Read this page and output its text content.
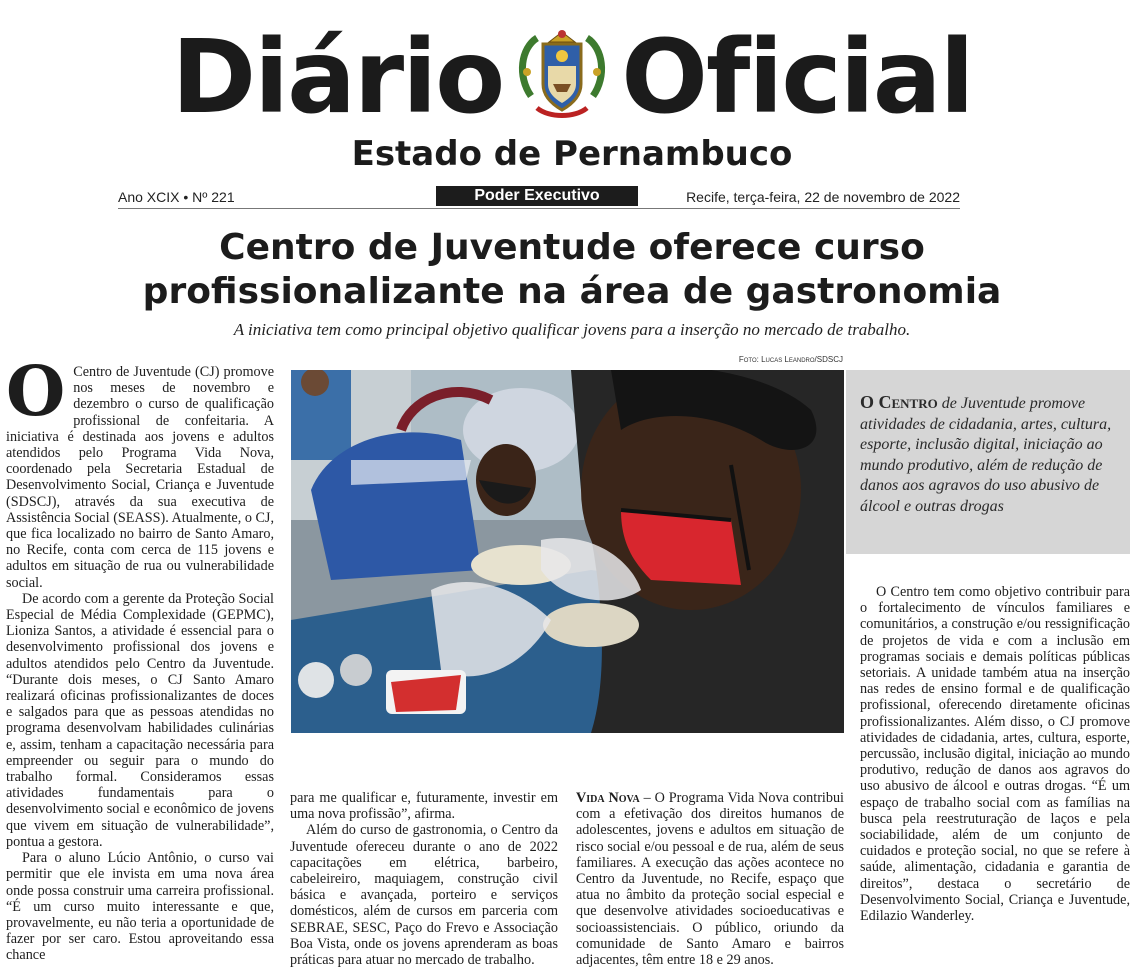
Diário Oficial
Estado de Pernambuco
Ano XCIX • Nº 221	Poder Executivo	Recife, terça-feira, 22 de novembro de 2022
Centro de Juventude oferece curso
profissionalizante na área de gastronomia
A iniciativa tem como principal objetivo qualificar jovens para a inserção no mercado de trabalho.
Foto: Lucas Leandro/SDSCJ

O Centro de Juventude (CJ) promove nos meses de novembro e dezembro o curso de qualificação profissional de confeitaria. A iniciativa é destinada aos jovens e adultos atendidos pelo Programa Vida Nova, coordenado pela Secretaria Estadual de Desenvolvimento Social, Criança e Juventude (SDSCJ), através da sua executiva de Assistência Social (SEASS). Atualmente, o CJ, que fica localizado no bairro de Santo Amaro, no Recife, conta com cerca de 115 jovens e adultos em situação de rua ou vulnerabilidade social.

De acordo com a gerente da Proteção Social Especial de Média Complexidade (GEPMC), Lioniza Santos, a atividade é essencial para o desenvolvimento profissional dos jovens e adultos atendidos pelo Centro da Juventude. “Durante dois meses, o CJ Santo Amaro realizará oficinas profissionalizantes de doces e salgados para que as pessoas atendidas no programa desenvolvam habilidades culinárias e, assim, tenham a capacitação necessária para empreender ou seguir para o mundo do trabalho formal. Consideramos essas atividades fundamentais para o desenvolvimento social e econômico de jovens que vivem em situação de vulnerabilidade”, pontua a gestora.

Para o aluno Lúcio Antônio, o curso vai permitir que ele invista em uma nova área onde possa construir uma carreira profissional. “É um curso muito interessante e que, provavelmente, eu não teria a oportunidade de fazer por ser caro. Estou aproveitando essa chance

O Centro de Juventude promove atividades de cidadania, artes, cultura, esporte, inclusão digital, iniciação ao mundo produtivo, além de redução de danos aos agravos do uso abusivo de álcool e outras drogas

para me qualificar e, futuramente, investir em uma nova profissão”, afirma.

Além do curso de gastronomia, o Centro da Juventude ofereceu durante o ano de 2022 capacitações em elétrica, barbeiro, cabeleireiro, maquiagem, construção civil básica e avançada, porteiro e serviços domésticos, além de cursos em parceria com SEBRAE, SESC, Paço do Frevo e Associação Boa Vista, onde os jovens aprenderam as boas práticas para atuar no mercado de trabalho.

Vida Nova – O Programa Vida Nova contribui com a efetivação dos direitos humanos de adolescentes, jovens e adultos em situação de risco social e/ou pessoal e de rua, além de seus familiares. A execução das ações acontece no Centro da Juventude, no Recife, espaço que atua no âmbito da proteção social especial e que desenvolve atividades socioeducativas e socioassistenciais. O público, oriundo da comunidade de Santo Amaro e bairros adjacentes, têm entre 18 e 29 anos.

O Centro tem como objetivo contribuir para o fortalecimento de vínculos familiares e comunitários, a construção e/ou ressignificação de projetos de vida e com a inclusão em programas sociais e demais políticas públicas setoriais. A unidade também atua na inserção nas redes de ensino formal e de qualificação profissional, oferecendo diretamente oficinas profissionalizantes. Além disso, o CJ promove atividades de cidadania, artes, cultura, esporte, percussão, inclusão digital, iniciação ao mundo produtivo, redução de danos aos agravos do uso abusivo de álcool e outras drogas. “É um espaço de trabalho social com as famílias na busca pela reestruturação de laços e pela sociabilidade, além de um conjunto de cuidados e proteção social, no que se refere à saúde, alimentação, cidadania e garantia de direitos”, destaca o secretário de Desenvolvimento Social, Criança e Juventude, Edilazio Wanderley.
